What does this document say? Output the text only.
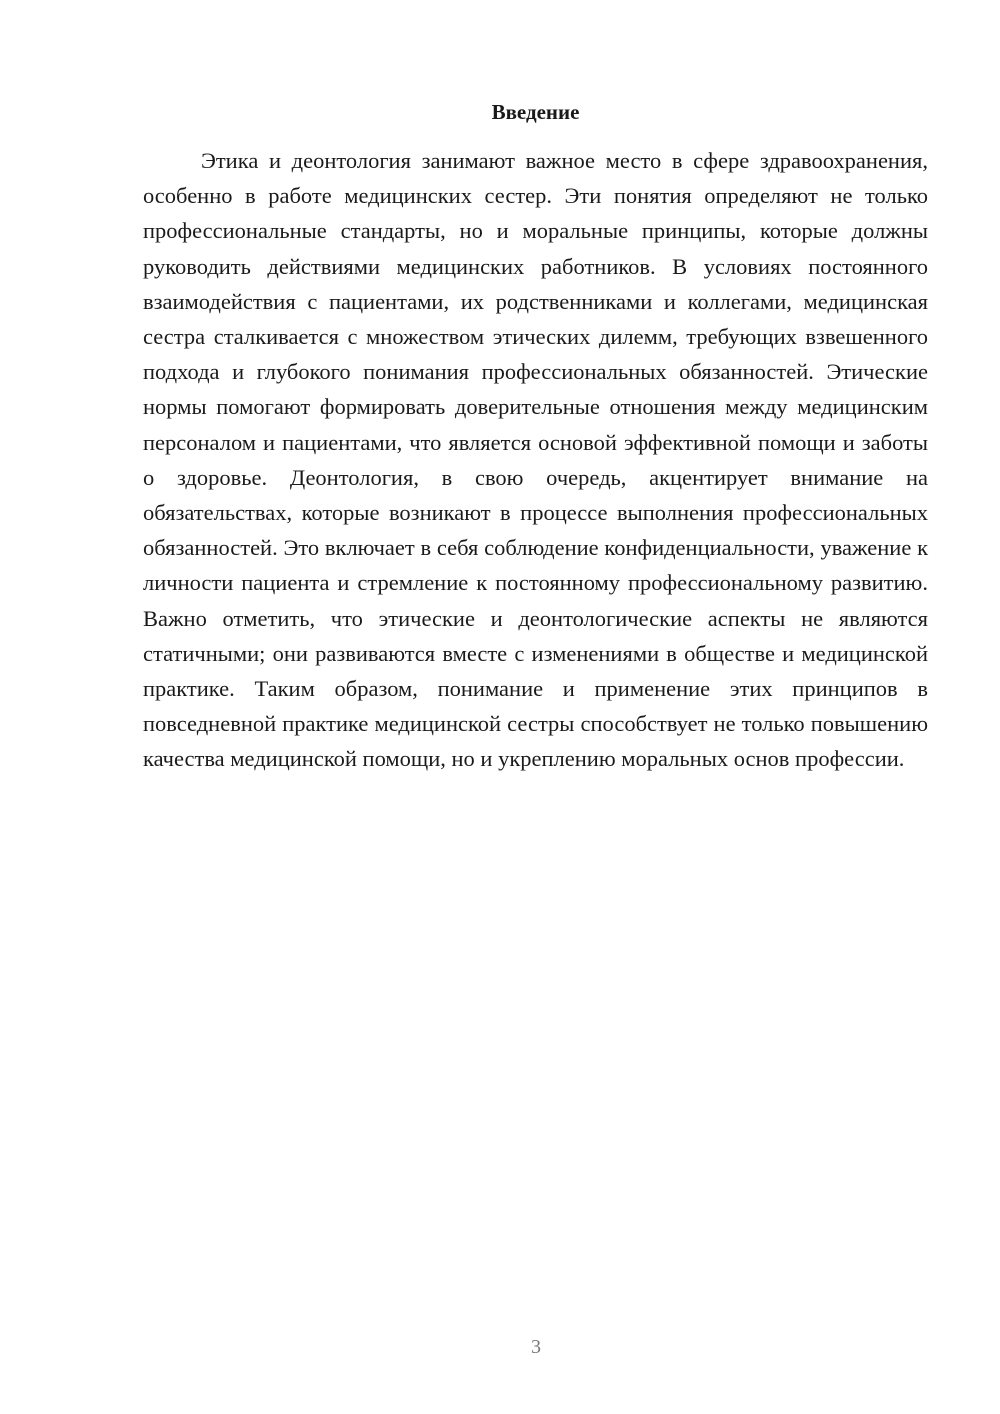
Введение

Этика и деонтология занимают важное место в сфере здравоохранения, особенно в работе медицинских сестер. Эти понятия определяют не только профессиональные стандарты, но и моральные принципы, которые должны руководить действиями медицинских работников. В условиях постоянного взаимодействия с пациентами, их родственниками и коллегами, медицинская сестра сталкивается с множеством этических дилемм, требующих взвешенного подхода и глубокого понимания профессиональных обязанностей. Этические нормы помогают формировать доверительные отношения между медицинским персоналом и пациентами, что является основой эффективной помощи и заботы о здоровье. Деонтология, в свою очередь, акцентирует внимание на обязательствах, которые возникают в процессе выполнения профессиональных обязанностей. Это включает в себя соблюдение конфиденциальности, уважение к личности пациента и стремление к постоянному профессиональному развитию. Важно отметить, что этические и деонтологические аспекты не являются статичными; они развиваются вместе с изменениями в обществе и медицинской практике. Таким образом, понимание и применение этих принципов в повседневной практике медицинской сестры способствует не только повышению качества медицинской помощи, но и укреплению моральных основ профессии.

3
